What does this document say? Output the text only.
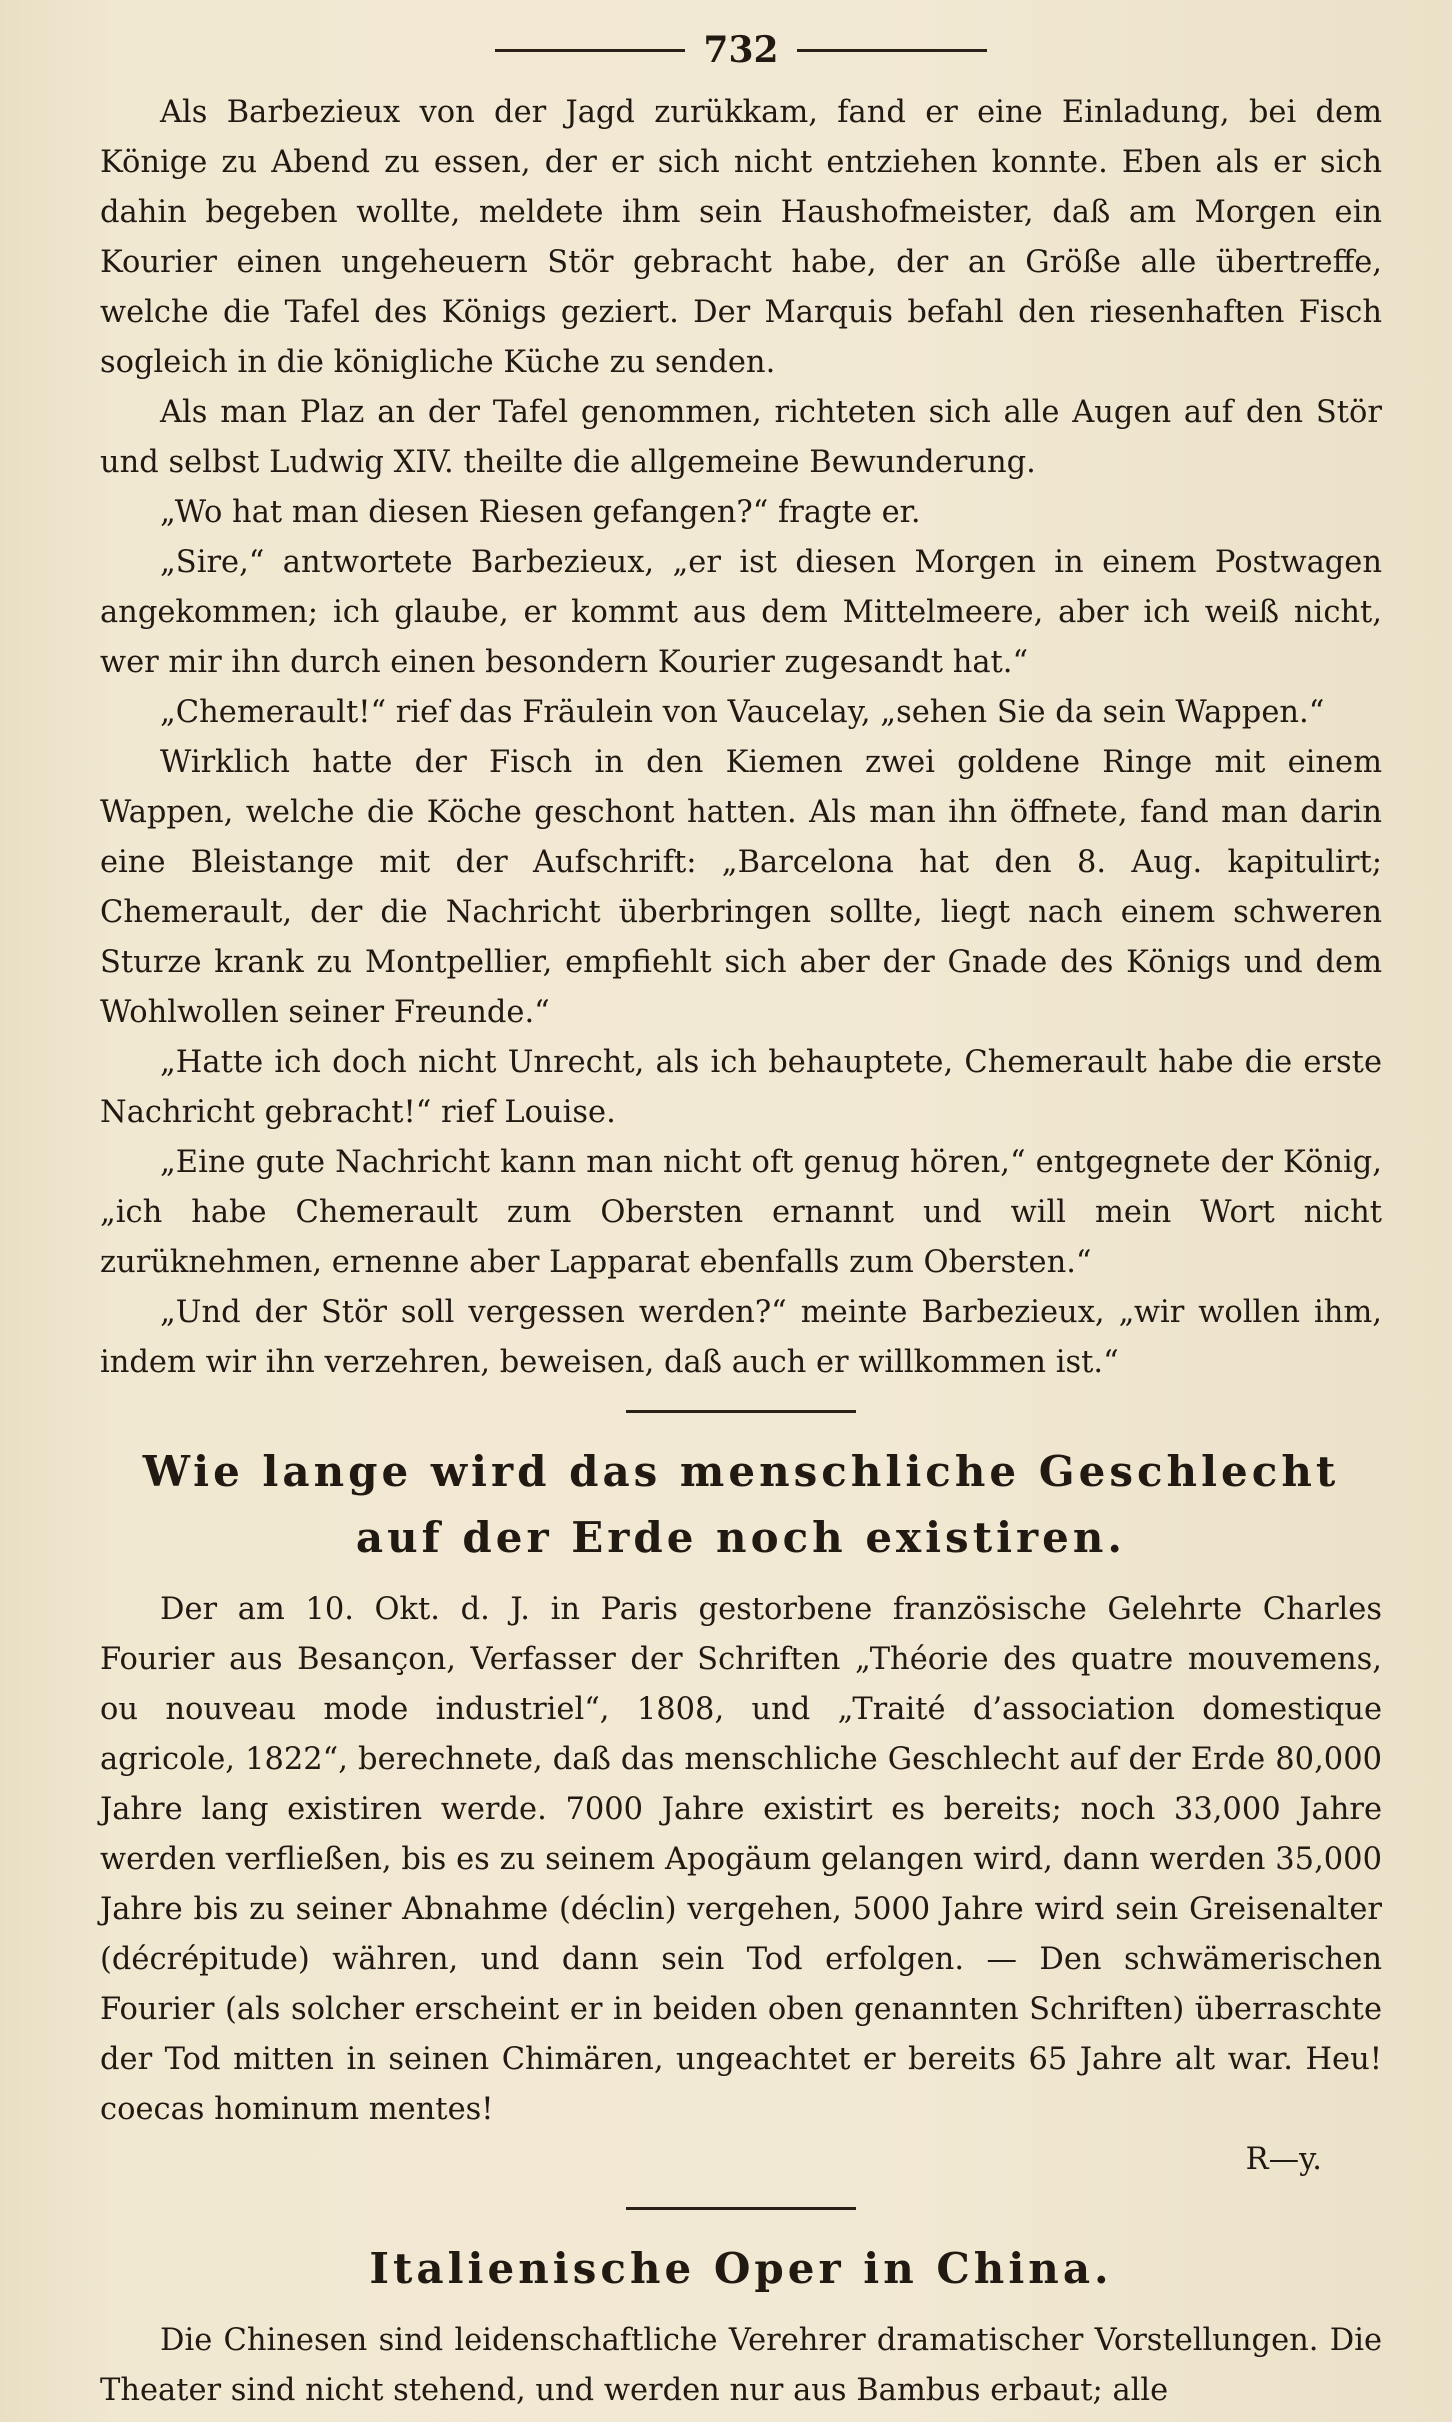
732

Als Barbezieux von der Jagd zurükkam, fand er eine Einladung, bei dem Könige zu Abend zu essen, der er sich nicht entziehen konnte. Eben als er sich dahin begeben wollte, meldete ihm sein Haushofmeister, daß am Morgen ein Kourier einen ungeheuern Stör gebracht habe, der an Größe alle übertreffe, welche die Tafel des Königs geziert. Der Marquis befahl den riesenhaften Fisch sogleich in die königliche Küche zu senden.

Als man Plaz an der Tafel genommen, richteten sich alle Augen auf den Stör und selbst Ludwig XIV. theilte die allgemeine Bewunderung.

„Wo hat man diesen Riesen gefangen?“ fragte er.

„Sire,“ antwortete Barbezieux, „er ist diesen Morgen in einem Postwagen angekommen; ich glaube, er kommt aus dem Mittelmeere, aber ich weiß nicht, wer mir ihn durch einen besondern Kourier zugesandt hat.“

„Chemerault!“ rief das Fräulein von Vaucelay, „sehen Sie da sein Wappen.“

Wirklich hatte der Fisch in den Kiemen zwei goldene Ringe mit einem Wappen, welche die Köche geschont hatten. Als man ihn öffnete, fand man darin eine Bleistange mit der Aufschrift: „Barcelona hat den 8. Aug. kapitulirt; Chemerault, der die Nachricht überbringen sollte, liegt nach einem schweren Sturze krank zu Montpellier, empfiehlt sich aber der Gnade des Königs und dem Wohlwollen seiner Freunde.“

„Hatte ich doch nicht Unrecht, als ich behauptete, Chemerault habe die erste Nachricht gebracht!“ rief Louise.

„Eine gute Nachricht kann man nicht oft genug hören,“ entgegnete der König, „ich habe Chemerault zum Obersten ernannt und will mein Wort nicht zurüknehmen, ernenne aber Lapparat ebenfalls zum Obersten.“

„Und der Stör soll vergessen werden?“ meinte Barbezieux, „wir wollen ihm, indem wir ihn verzehren, beweisen, daß auch er willkommen ist.“

Wie lange wird das menschliche Geschlecht auf der Erde noch existiren.

Der am 10. Okt. d. J. in Paris gestorbene französische Gelehrte Charles Fourier aus Besançon, Verfasser der Schriften „Théorie des quatre mouvemens, ou nouveau mode industriel“, 1808, und „Traité d’association domestique agricole, 1822“, berechnete, daß das menschliche Geschlecht auf der Erde 80,000 Jahre lang existiren werde. 7000 Jahre existirt es bereits; noch 33,000 Jahre werden verfließen, bis es zu seinem Apogäum gelangen wird, dann werden 35,000 Jahre bis zu seiner Abnahme (déclin) vergehen, 5000 Jahre wird sein Greisenalter (décrépitude) währen, und dann sein Tod erfolgen. — Den schwämerischen Fourier (als solcher erscheint er in beiden oben genannten Schriften) überraschte der Tod mitten in seinen Chimären, ungeachtet er bereits 65 Jahre alt war. Heu! coecas hominum mentes!

R—y.

Italienische Oper in China.

Die Chinesen sind leidenschaftliche Verehrer dramatischer Vorstellungen. Die Theater sind nicht stehend, und werden nur aus Bambus erbaut; alle
